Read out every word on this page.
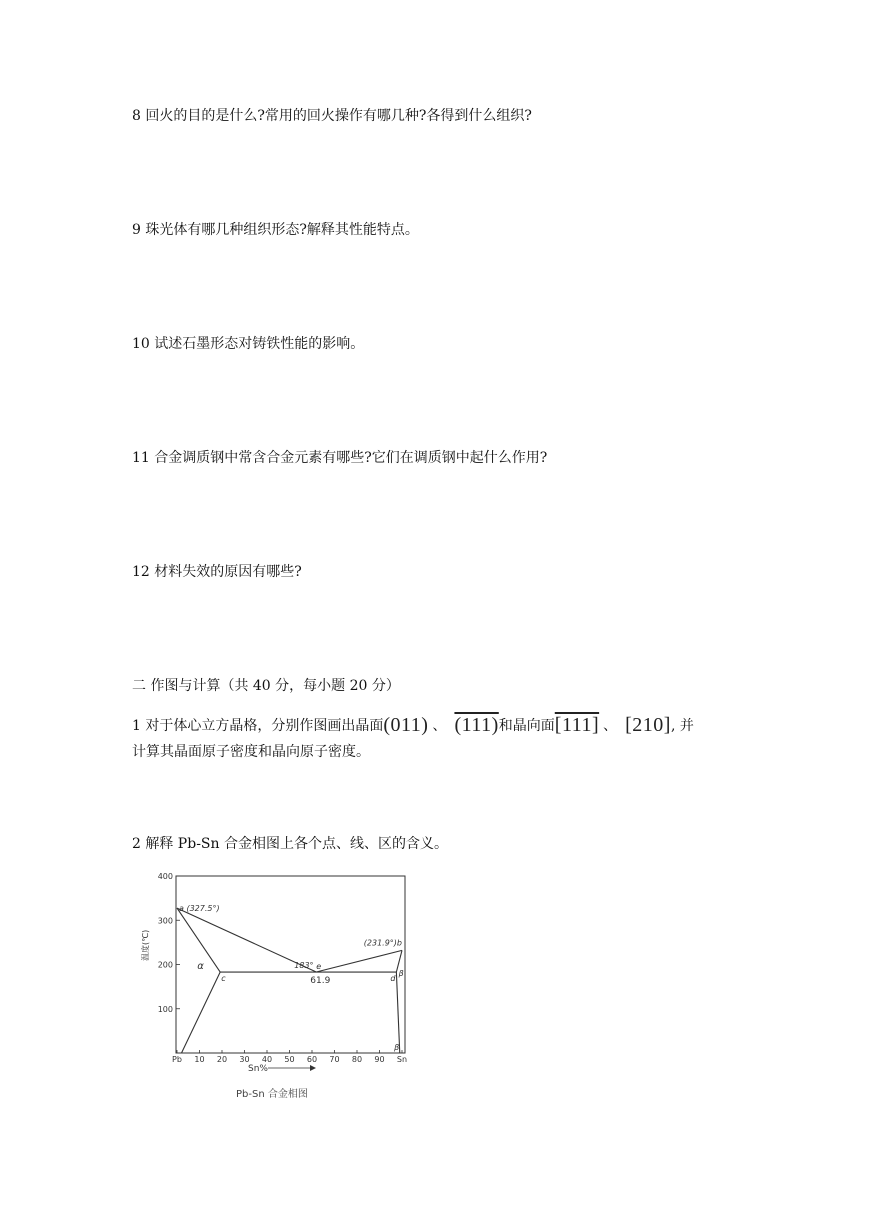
8 回火的目的是什么?常用的回火操作有哪几种?各得到什么组织?
9 珠光体有哪几种组织形态?解释其性能特点。
10 试述石墨形态对铸铁性能的影响。
11 合金调质钢中常含合金元素有哪些?它们在调质钢中起什么作用?
12 材料失效的原因有哪些?
二 作图与计算（共 40 分，每小题 20 分）
1 对于体心立方晶格，分别作图画出晶面(011) 、 (111)和晶向面[111] 、 [210], 并
计算其晶面原子密度和晶向原子密度。
2 解释 Pb-Sn 合金相图上各个点、线、区的含义。
温度(℃)
Pb 10 20 30 40 50 60 70 80 90 Sn
100
200
300
400
a (327.5°)
(231.9°)b
183° e
61.9
c	d
α
β
β
Sn%
Pb-Sn 合金相图
